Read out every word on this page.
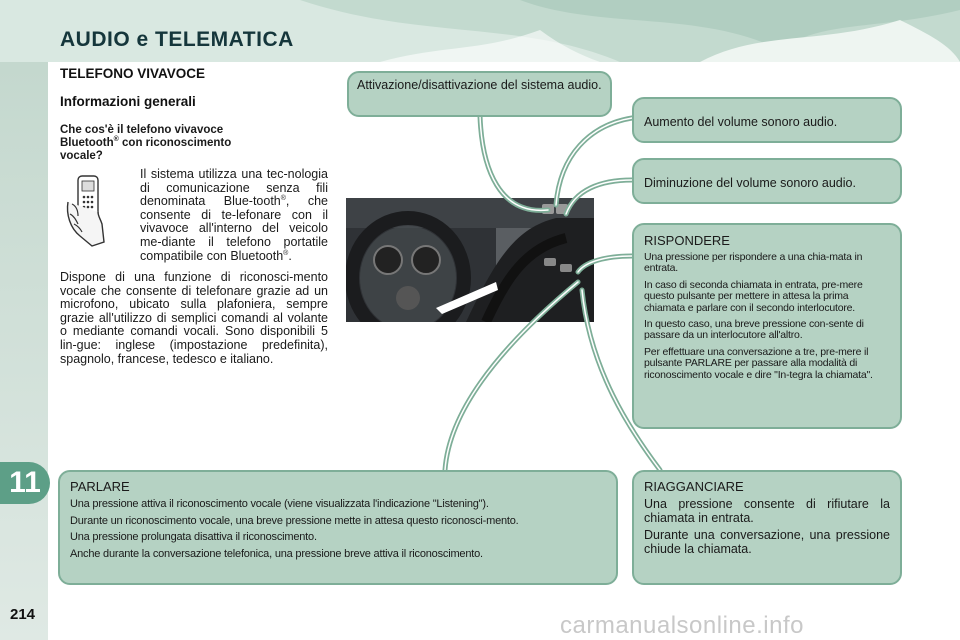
AUDIO e TELEMATICA
11
214	carmanualsonline.info
TELEFONO VIVAVOCE
Informazioni generali
Che cos'è il telefono vivavoce
Bluetooth® con riconoscimento
vocale?
Il sistema utilizza una tec-nologia di comunicazione senza fili denominata Blue-tooth®, che consente di te-lefonare con il vivavoce all'interno del veicolo me-diante il telefono portatile compatibile con Bluetooth®.
Dispone di una funzione di riconosci-mento vocale che consente di telefonare grazie ad un microfono, ubicato sulla plafoniera, sempre grazie all'utilizzo di semplici comandi al volante o mediante comandi vocali. Sono disponibili 5 lin-gue: inglese (impostazione predefinita), spagnolo, francese, tedesco e italiano.

Attivazione/disattivazione del sistema audio.

Aumento del volume sonoro audio.

Diminuzione del volume sonoro audio.

RISPONDERE

Una pressione per rispondere a una chia-mata in entrata.

In caso di seconda chiamata in entrata, pre-mere questo pulsante per mettere in attesa la prima chiamata e parlare con il secondo interlocutore.

In questo caso, una breve pressione con-sente di passare da un interlocutore all'altro.

Per effettuare una conversazione a tre, pre-mere il pulsante PARLARE per passare alla modalità di riconoscimento vocale e dire "In-tegra la chiamata".

PARLARE

Una pressione attiva il riconoscimento vocale (viene visualizzata l'indicazione "Listening").

Durante un riconoscimento vocale, una breve pressione mette in attesa questo riconosci-mento.

Una pressione prolungata disattiva il riconoscimento.

Anche durante la conversazione telefonica, una pressione breve attiva il riconoscimento.

RIAGGANCIARE

Una pressione consente di rifiutare la chiamata in entrata.

Durante una conversazione, una pressione chiude la chiamata.
